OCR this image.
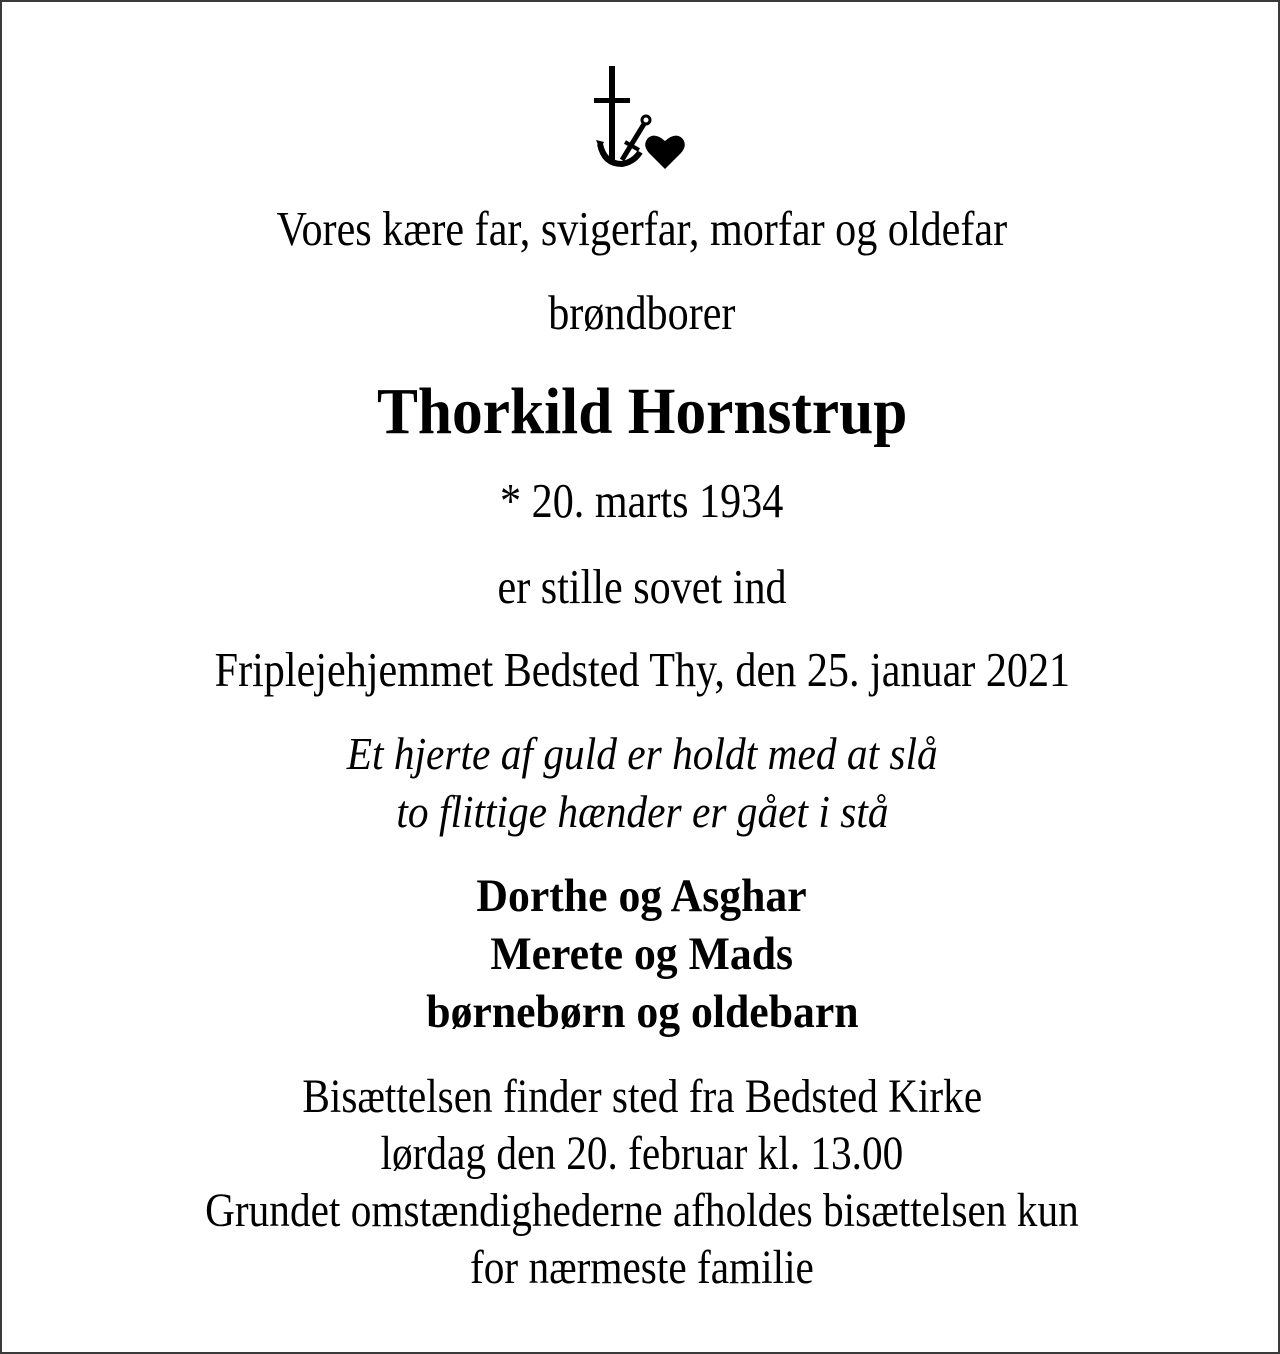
Vores kære far, svigerfar, morfar og oldefar
brøndborer
Thorkild Hornstrup
* 20. marts 1934
er stille sovet ind
Friplejehjemmet Bedsted Thy, den 25. januar 2021
Et hjerte af guld er holdt med at slå
to flittige hænder er gået i stå
Dorthe og Asghar
Merete og Mads
børnebørn og oldebarn
Bisættelsen finder sted fra Bedsted Kirke
lørdag den 20. februar kl. 13.00
Grundet omstændighederne afholdes bisættelsen kun
for nærmeste familie
